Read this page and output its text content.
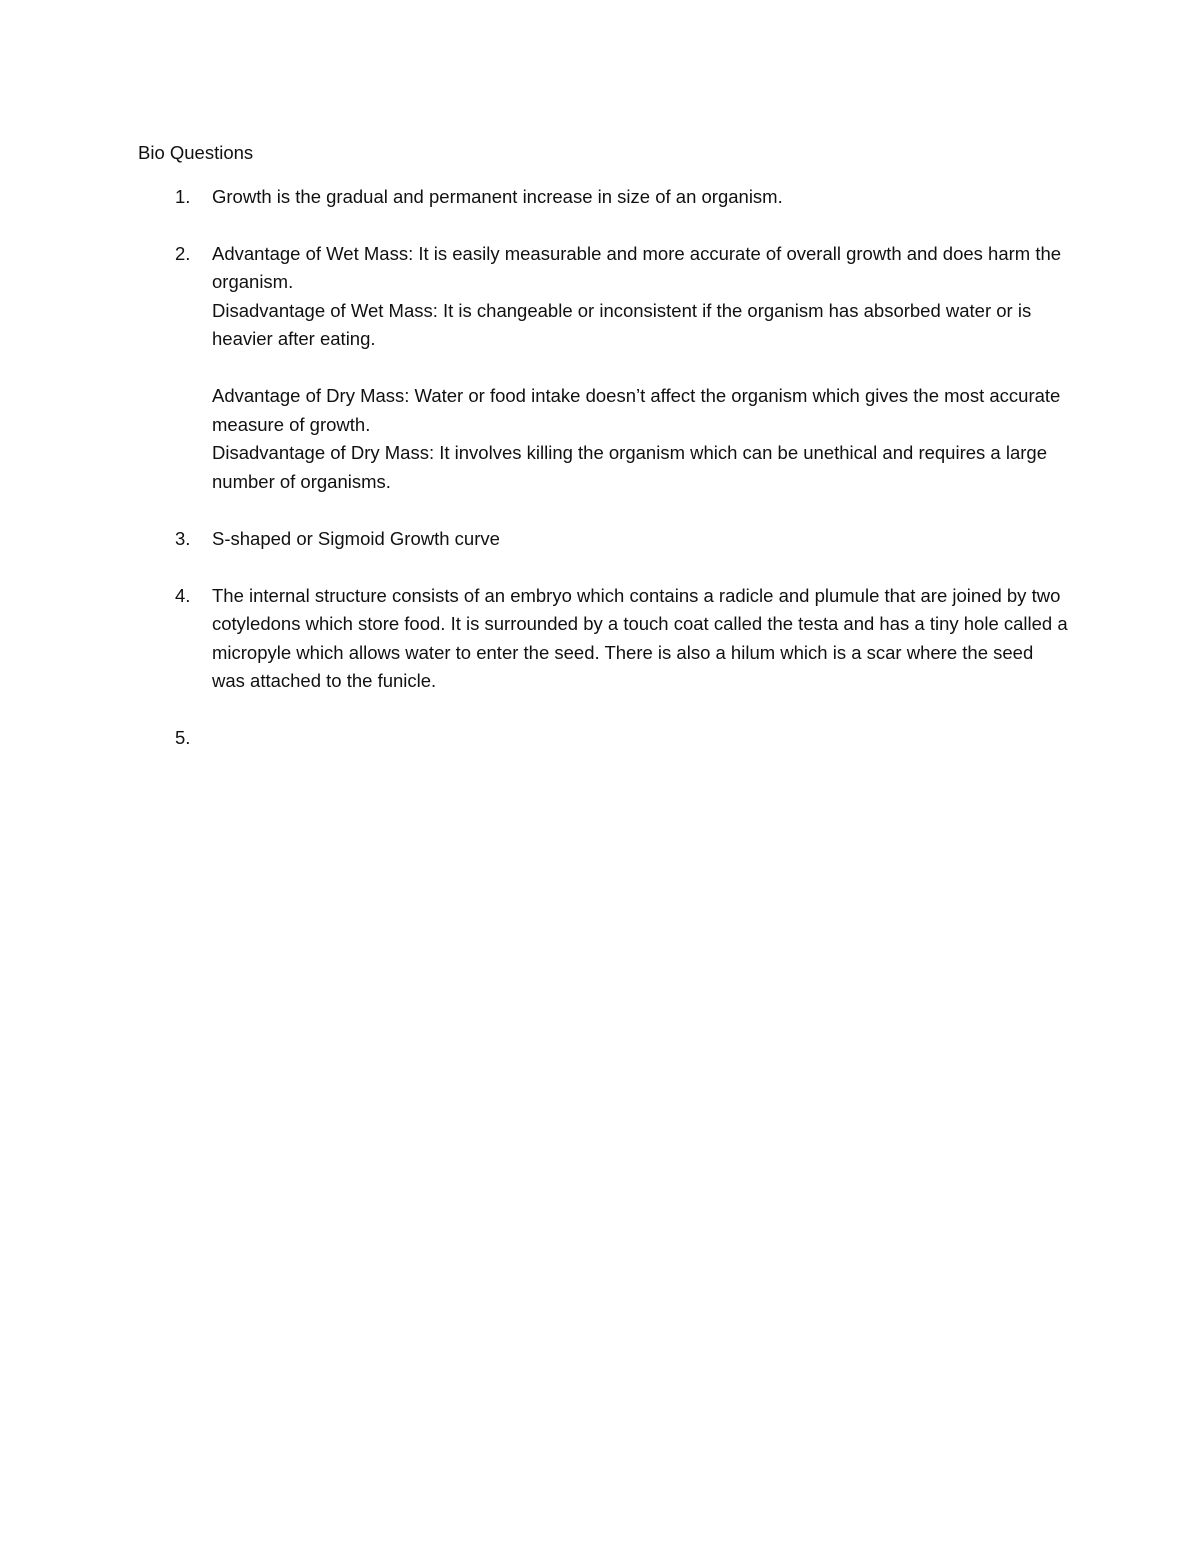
Bio Questions

1. Growth is the gradual and permanent increase in size of an organism.

2. Advantage of Wet Mass: It is easily measurable and more accurate of overall growth and does harm the organism.

Disadvantage of Wet Mass: It is changeable or inconsistent if the organism has absorbed water or is heavier after eating.

Advantage of Dry Mass: Water or food intake doesn’t affect the organism which gives the most accurate measure of growth.

Disadvantage of Dry Mass: It involves killing the organism which can be unethical and requires a large number of organisms.

3. S-shaped or Sigmoid Growth curve

4. The internal structure consists of an embryo which contains a radicle and plumule that are joined by two cotyledons which store food. It is surrounded by a touch coat called the testa and has a tiny hole called a micropyle which allows water to enter the seed. There is also a hilum which is a scar where the seed was attached to the funicle.

5.
